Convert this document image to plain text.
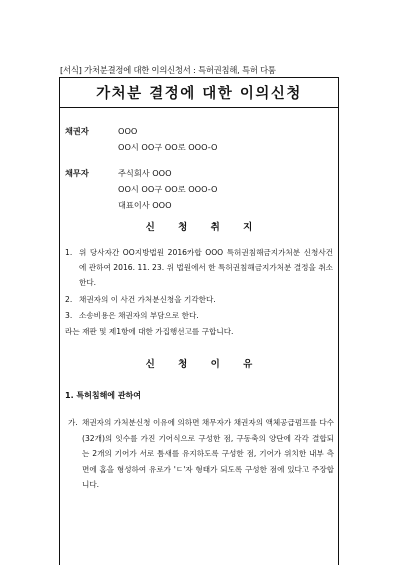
[서식] 가처분결정에 대한 이의신청서 : 특허권침해, 특허 다툼
가처분 결정에 대한 이의신청
채권자	OOO
OO시 OO구 OO로 OOO-O
채무자	주식회사 OOO
OO시 OO구 OO로 OOO-O
대표이사 OOO
신 청 취 지
1. 위 당사자간 OO지방법원 2016카합 OOO 특허권침해금지가처분 신청사건에 관하여 2016. 11. 23. 위 법원에서 한 특허권침해금지가처분 결정을 취소한다.
2. 채권자의 이 사건 가처분신청을 기각한다.
3. 소송비용은 채권자의 부담으로 한다.
라는 재판 및 제1항에 대한 가집행선고를 구합니다.
신 청 이 유
1. 특허침해에 관하여
가. 채권자의 가처분신청 이유에 의하면 채무자가 채권자의 액체공급펌프를 다수(32개)의 잇수를 가진 기어식으로 구성한 점, 구동축의 양단에 각각 결합되는 2개의 기어가 서로 틈새를 유지하도록 구성한 점, 기어가 위치한 내부 측면에 홈을 형성하여 유로가 'ㄷ'자 형태가 되도록 구성한 점에 있다고 주장합니다.
